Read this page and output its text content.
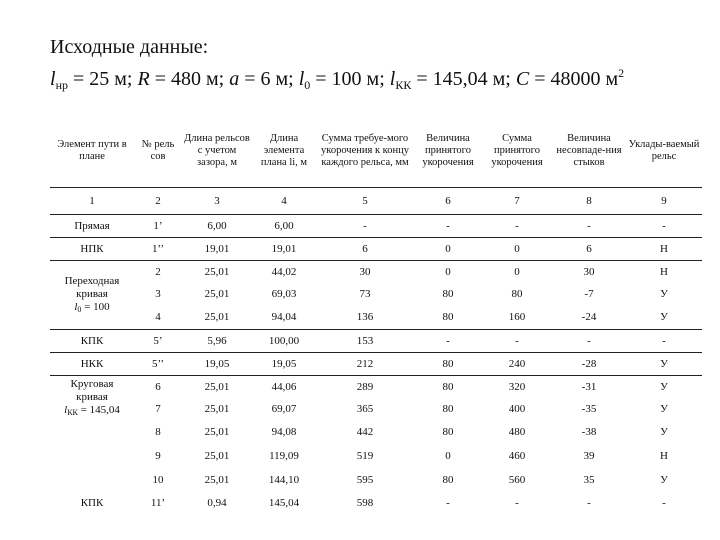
Исходные данные:
$l_{нр} = 25$ м; R = 480 м; a = 6 м; $l_0 = 100$ м; $l_{КК} = 145,04$ м; C = 48000 $м^2$
Элемент пути в плане	№ рель сов	Длина рельсов с учетом зазора, м	Длина элемента плана li, м	Сумма требуе-мого укорочения к концу каждого рельса, мм	Величина принятого укорочения	Сумма принятого укорочения	Величина несовпаде-ния стыков	Уклады-ваемый рельс
1	2	3	4	5	6	7	8	9
Прямая	1’	6,00	6,00	-	-	-	-	-
НПК	1’’	19,01	19,01	6	0	0	6	Н
Переходная
кривая
$l_0 = 100$	2	25,01	44,02	30	0	0	30	Н
	3	25,01	69,03	73	80	80	-7	У
	4	25,01	94,04	136	80	160	-24	У
КПК	5’	5,96	100,00	153	-	-	-	-
НКК	5’’	19,05	19,05	212	80	240	-28	У
Круговая
кривая
$l_{КК} = 145,04$	6	25,01	44,06	289	80	320	-31	У
	7	25,01	69,07	365	80	400	-35	У
	8	25,01	94,08	442	80	480	-38	У
	9	25,01	119,09	519	0	460	39	Н
	10	25,01	144,10	595	80	560	35	У
КПК	11’	0,94	145,04	598	-	-	-	-
